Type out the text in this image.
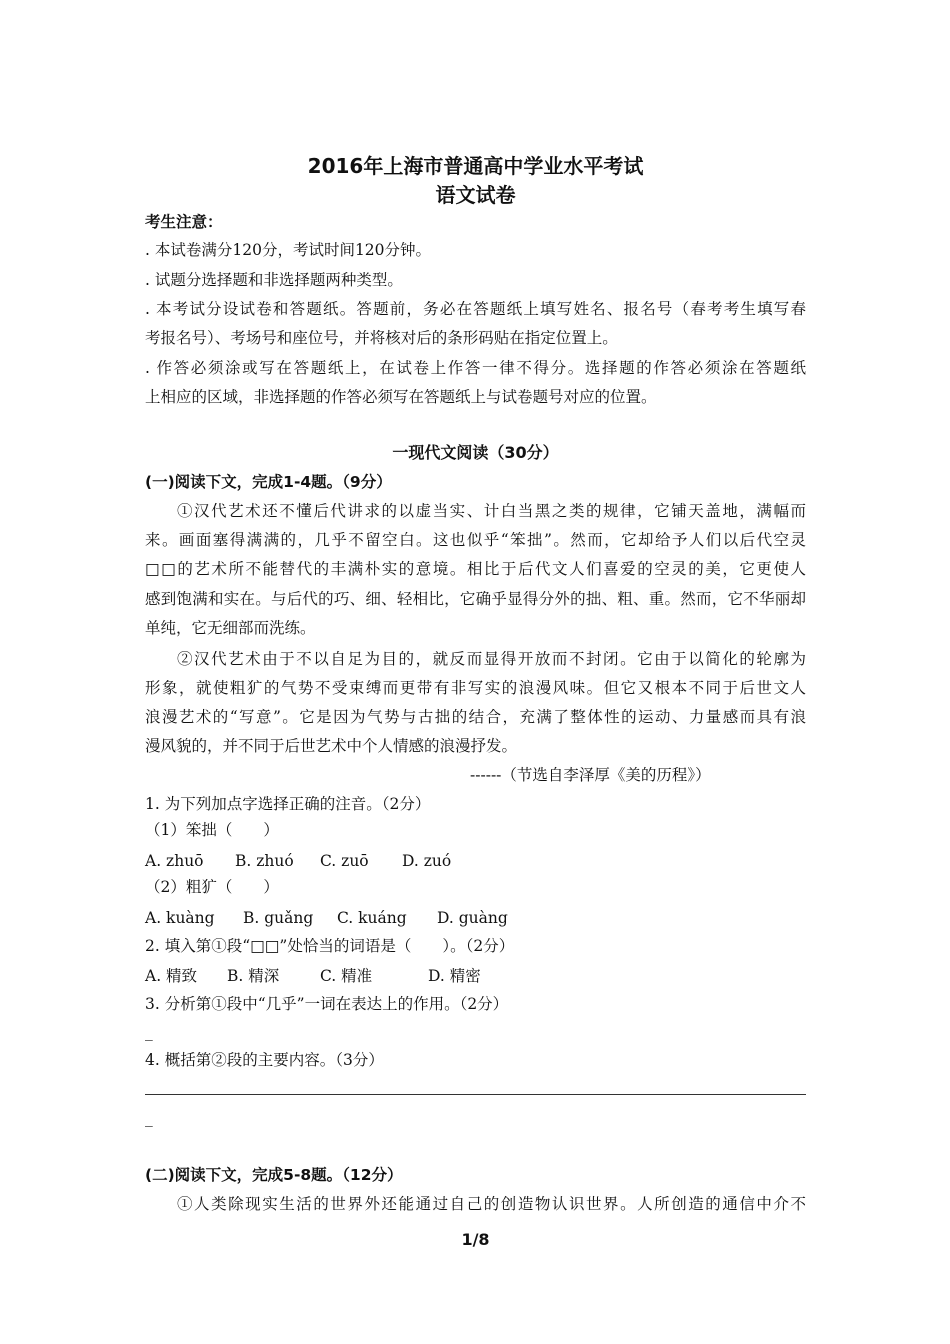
2016年上海市普通高中学业水平考试
语文试卷
考生注意：
. 本试卷满分120分，考试时间120分钟。
. 试题分选择题和非选择题两种类型。
. 本考试分设试卷和答题纸。答题前，务必在答题纸上填写姓名、报名号（春考考生填写春
考报名号）、考场号和座位号，并将核对后的条形码贴在指定位置上。
. 作答必须涂或写在答题纸上，在试卷上作答一律不得分。选择题的作答必须涂在答题纸
上相应的区域，非选择题的作答必须写在答题纸上与试卷题号对应的位置。
一现代文阅读（30分）
(一)阅读下文，完成1-4题。（9分）
①汉代艺术还不懂后代讲求的以虚当实、计白当黑之类的规律，它铺天盖地，满幅而
来。画面塞得满满的，几乎不留空白。这也似乎“笨拙”。然而，它却给予人们以后代空灵
□□的艺术所不能替代的丰满朴实的意境。相比于后代文人们喜爱的空灵的美，它更使人
感到饱满和实在。与后代的巧、细、轻相比，它确乎显得分外的拙、粗、重。然而，它不华丽却
单纯，它无细部而洗练。
②汉代艺术由于不以自足为目的，就反而显得开放而不封闭。它由于以简化的轮廓为
形象，就使粗犷的气势不受束缚而更带有非写实的浪漫风味。但它又根本不同于后世文人
浪漫艺术的“写意”。它是因为气势与古拙的结合，充满了整体性的运动、力量感而具有浪
漫风貌的，并不同于后世艺术中个人情感的浪漫抒发。
------（节选自李泽厚《美的历程》）
1. 为下列加点字选择正确的注音。（2分）
（1）笨拙（　　）
A. zhuō B. zhuó C. zuō D. zuó
（2）粗犷（　　）
A. kuàng B. guǎng C. kuáng D. guàng
2. 填入第①段“□□”处恰当的词语是（　　）。（2分）
A. 精致 B. 精深	C. 精准	D. 精密
3. 分析第①段中“几乎”一词在表达上的作用。（2分）
_
4. 概括第②段的主要内容。（3分）
_
(二)阅读下文，完成5-8题。（12分）
①人类除现实生活的世界外还能通过自己的创造物认识世界。人所创造的通信中介不
1/8
